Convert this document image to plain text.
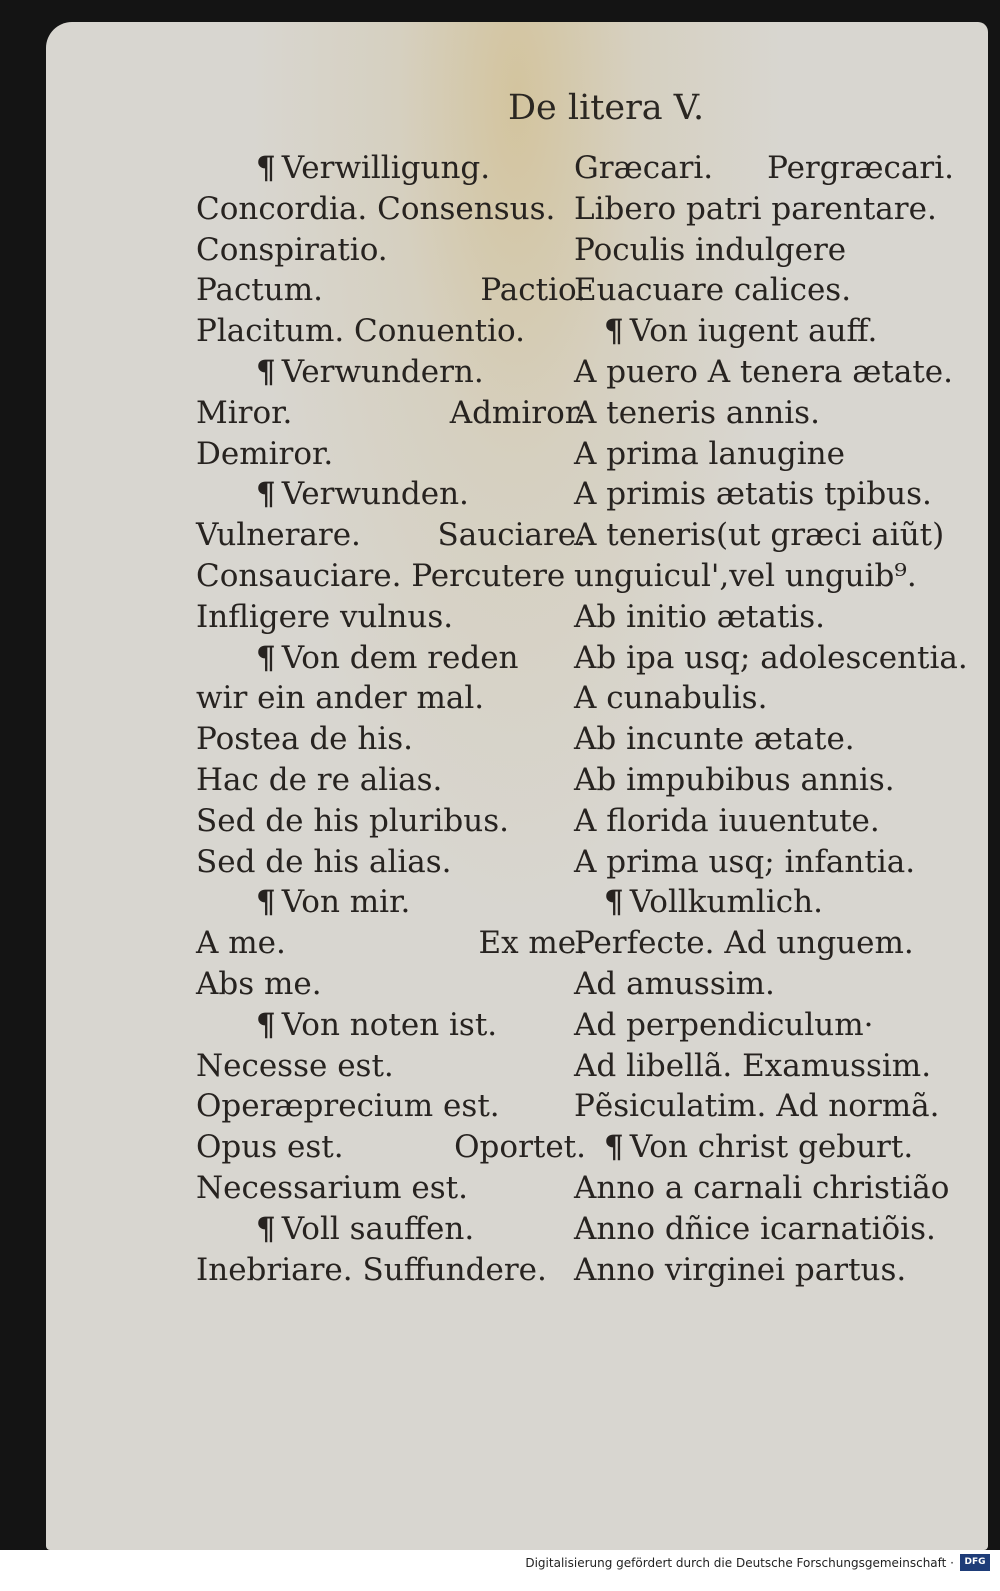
De litera V.
¶ Verwilligung.
Concordia. Consensus.
Conspiratio.
Pactum.	Pactio.
Placitum. Conuentio.
¶ Verwundern.
Miror.	Admiror.
Demiror.
¶ Verwunden.
Vulnerare. Sauciare.
Consauciare. Percutere
Infligere vulnus.
¶ Von dem reden
wir ein ander mal.
Postea de his.
Hac de re alias.
Sed de his pluribus.
Sed de his alias.
¶ Von mir.
A me.	Ex me.
Abs me.
¶ Von noten ist.
Necesse est.
Operæprecium est.
Opus est.	Oportet.
Necessarium est.
¶ Voll sauffen.
Inebriare. Suffundere.
Græcari. Pergræcari.
Libero patri parentare.
Poculis indulgere
Euacuare calices.
¶ Von iugent auff.
A puero A tenera ætate.
A teneris annis.
A prima lanugine
A primis ætatis tpibus.
A teneris(ut græci aiũt)
unguicul',vel unguib⁹.
Ab initio ætatis.
Ab ipa usq; adolescentia.
A cunabulis.
Ab incunte ætate.
Ab impubibus annis.
A florida iuuentute.
A prima usq; infantia.
¶ Vollkumlich.
Perfecte. Ad unguem.
Ad amussim.
Ad perpendiculum·
Ad libellã. Examussim.
Pẽsiculatim. Ad normã.
¶ Von christ geburt.
Anno a carnali christião
Anno dñice icarnatiõis.
Anno virginei partus.
Digitalisierung gefördert durch die Deutsche Forschungsgemeinschaft ·	DFG
